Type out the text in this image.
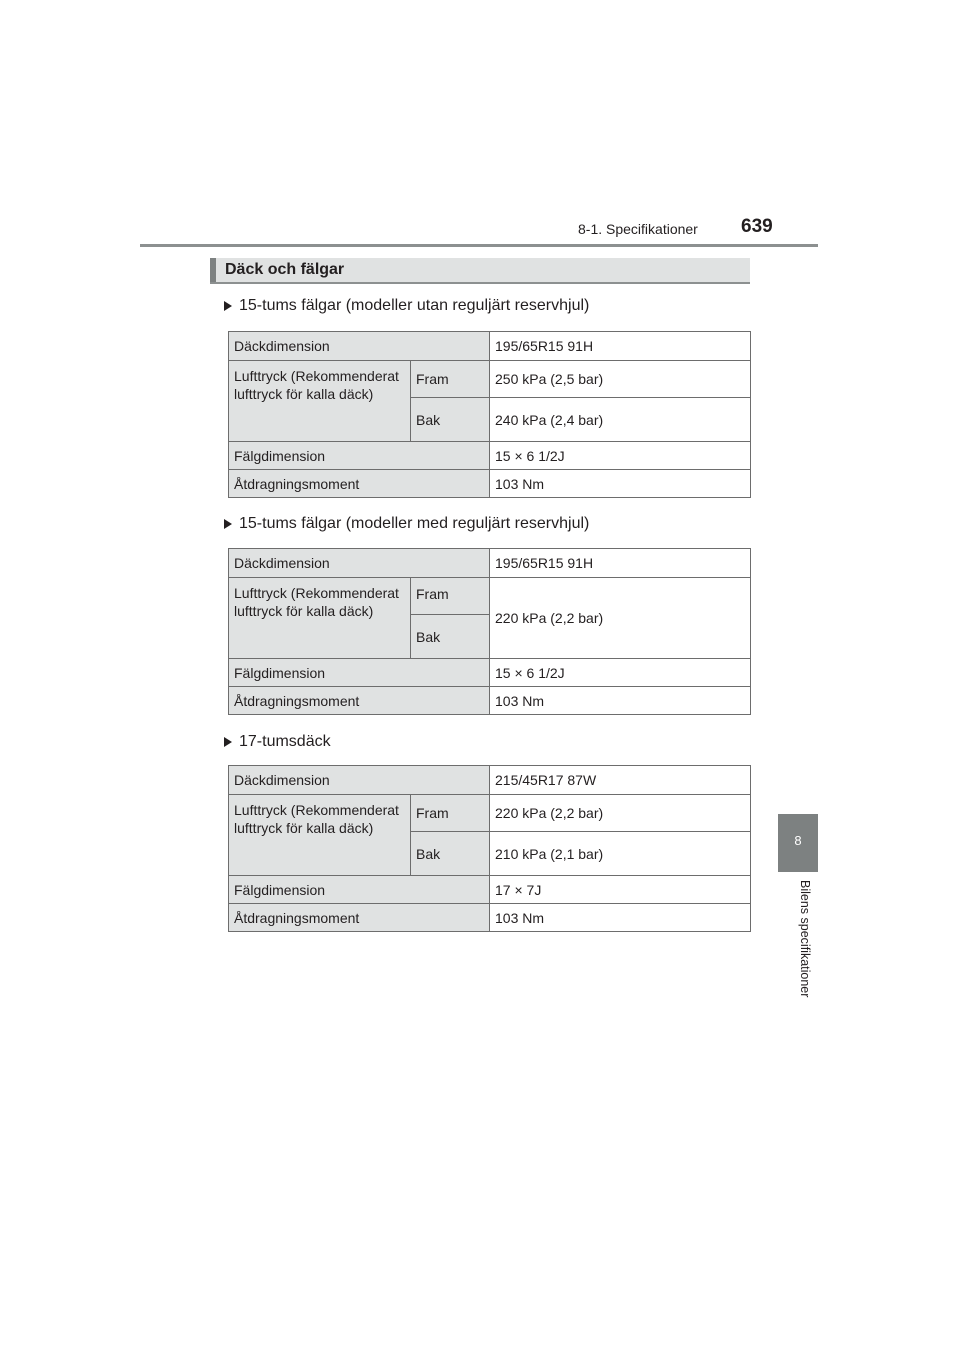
8-1. Specifikationer 639
8
Bilens specifikationer
Däck och fälgar
15-tums fälgar (modeller utan reguljärt reservhjul)
Däckdimension		195/65R15 91H
Lufttryck (Rekommenderat lufttryck för kalla däck)	Fram	250 kPa (2,5 bar)
	Bak	240 kPa (2,4 bar)
Fälgdimension		15 × 6 1/2J
Åtdragningsmoment		103 Nm
15-tums fälgar (modeller med reguljärt reservhjul)
Däckdimension		195/65R15 91H
Lufttryck (Rekommenderat lufttryck för kalla däck)	Fram	220 kPa (2,2 bar)
	Bak	
Fälgdimension		15 × 6 1/2J
Åtdragningsmoment		103 Nm
17-tumsdäck
Däckdimension		215/45R17 87W
Lufttryck (Rekommenderat lufttryck för kalla däck)	Fram	220 kPa (2,2 bar)
	Bak	210 kPa (2,1 bar)
Fälgdimension		17 × 7J
Åtdragningsmoment		103 Nm
